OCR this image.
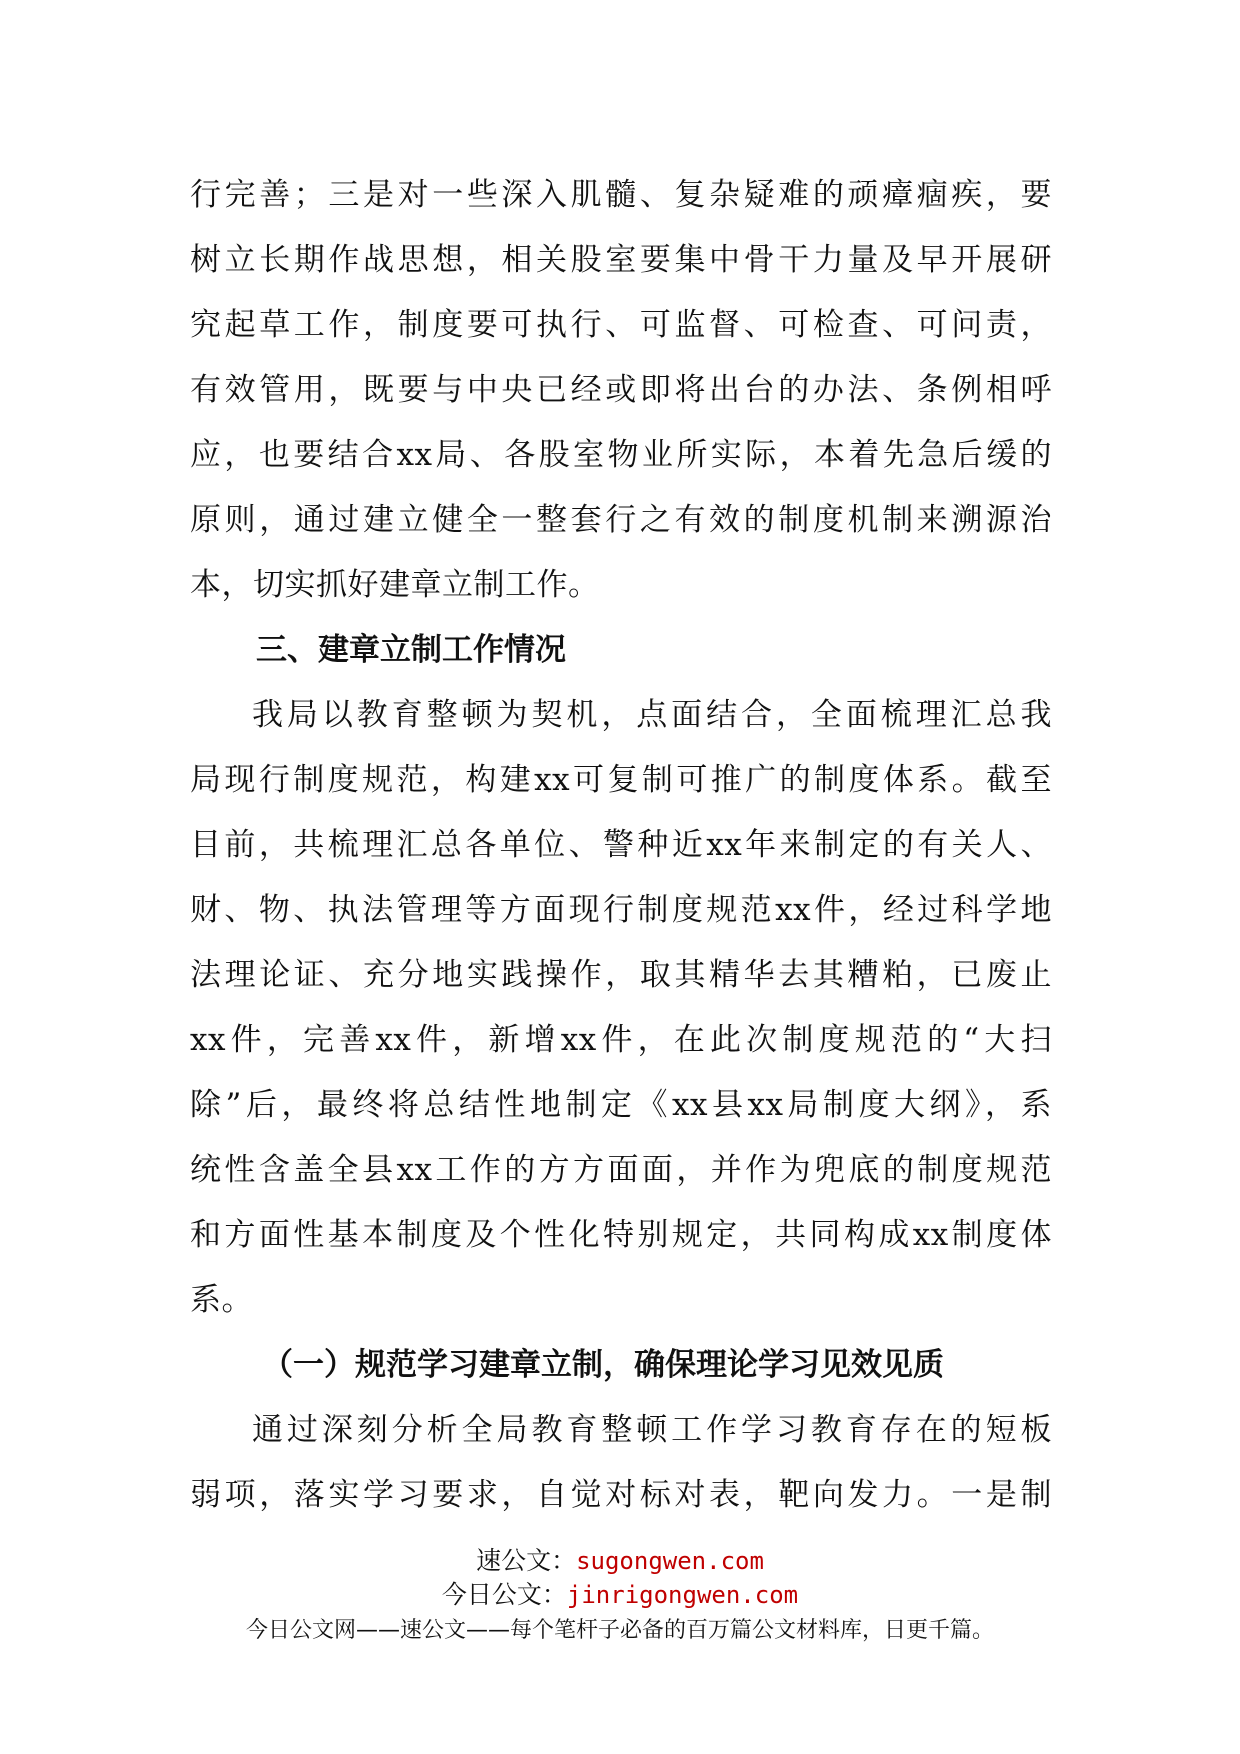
行完善；三是对一些深入肌髓、复杂疑难的顽瘴痼疾，要
树立长期作战思想，相关股室要集中骨干力量及早开展研
究起草工作，制度要可执行、可监督、可检查、可问责，
有效管用，既要与中央已经或即将出台的办法、条例相呼
应，也要结合xx局、各股室物业所实际，本着先急后缓的
原则，通过建立健全一整套行之有效的制度机制来溯源治
本，切实抓好建章立制工作。
三、建章立制工作情况
我局以教育整顿为契机，点面结合，全面梳理汇总我
局现行制度规范，构建xx可复制可推广的制度体系。截至
目前，共梳理汇总各单位、警种近xx年来制定的有关人、
财、物、执法管理等方面现行制度规范xx件，经过科学地
法理论证、充分地实践操作，取其精华去其糟粕，已废止
xx件，完善xx件，新增xx件，在此次制度规范的“大扫
除”后，最终将总结性地制定《xx县xx局制度大纲》，系
统性含盖全县xx工作的方方面面，并作为兜底的制度规范
和方面性基本制度及个性化特别规定，共同构成xx制度体
系。
（一）规范学习建章立制，确保理论学习见效见质
通过深刻分析全局教育整顿工作学习教育存在的短板
弱项，落实学习要求，自觉对标对表，靶向发力。一是制
速公文：sugongwen.com
今日公文：jinrigongwen.com
今日公文网——速公文——每个笔杆子必备的百万篇公文材料库，日更千篇。
